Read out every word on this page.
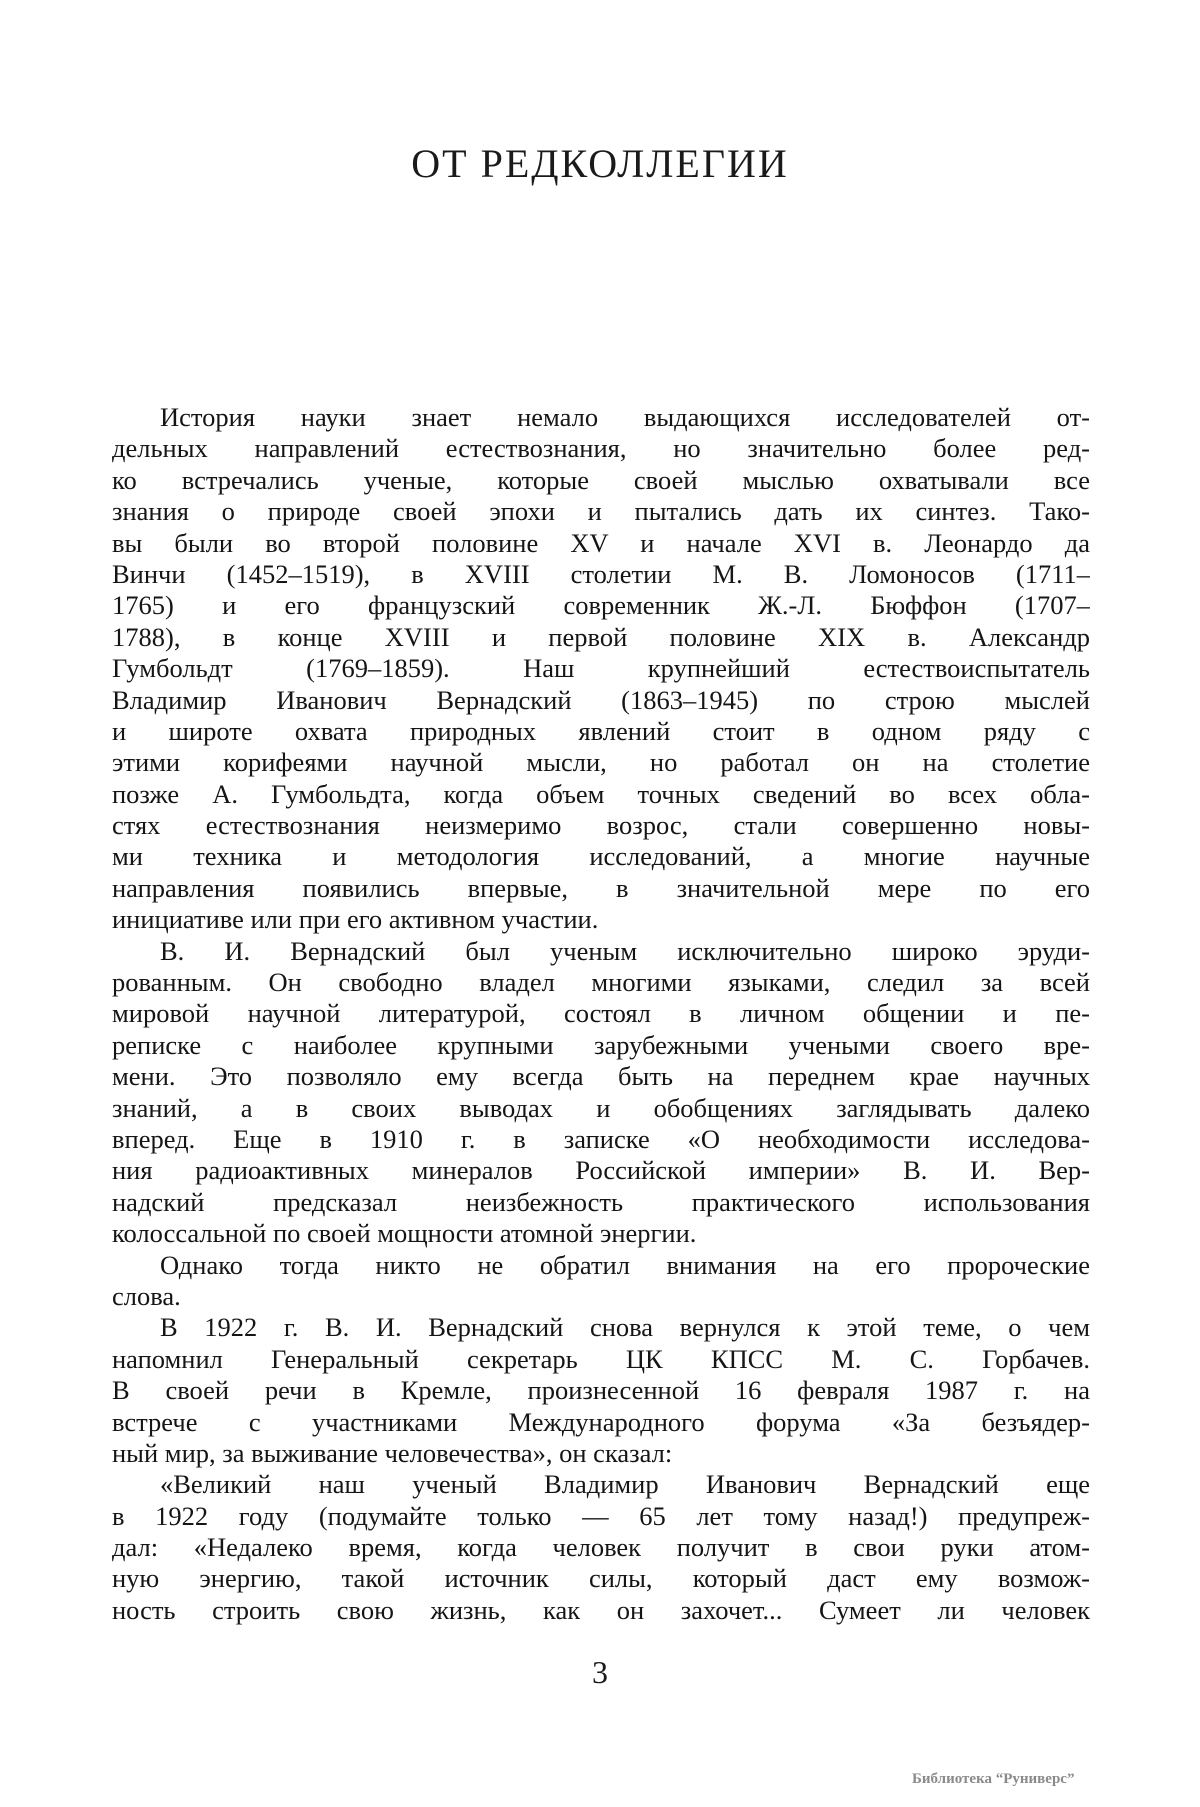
ОТ РЕДКОЛЛЕГИИ
История науки знает немало выдающихся исследователей от-
дельных направлений естествознания, но значительно более ред-
ко встречались ученые, которые своей мыслью охватывали все
знания о природе своей эпохи и пытались дать их синтез. Тако-
вы были во второй половине XV и начале XVI в. Леонардо да
Винчи (1452–1519), в XVIII столетии М. В. Ломоносов (1711–
1765) и его французский современник Ж.-Л. Бюффон (1707–
1788), в конце XVIII и первой половине XIX в. Александр
Гумбольдт (1769–1859). Наш крупнейший естествоиспытатель
Владимир Иванович Вернадский (1863–1945) по строю мыслей
и широте охвата природных явлений стоит в одном ряду с
этими корифеями научной мысли, но работал он на столетие
позже А. Гумбольдта, когда объем точных сведений во всех обла-
стях естествознания неизмеримо возрос, стали совершенно новы-
ми техника и методология исследований, а многие научные
направления появились впервые, в значительной мере по его
инициативе или при его активном участии.
В. И. Вернадский был ученым исключительно широко эруди-
рованным. Он свободно владел многими языками, следил за всей
мировой научной литературой, состоял в личном общении и пе-
реписке с наиболее крупными зарубежными учеными своего вре-
мени. Это позволяло ему всегда быть на переднем крае научных
знаний, а в своих выводах и обобщениях заглядывать далеко
вперед. Еще в 1910 г. в записке «О необходимости исследова-
ния радиоактивных минералов Российской империи» В. И. Вер-
надский предсказал неизбежность практического использования
колоссальной по своей мощности атомной энергии.
Однако тогда никто не обратил внимания на его пророческие
слова.
В 1922 г. В. И. Вернадский снова вернулся к этой теме, о чем
напомнил Генеральный секретарь ЦК КПСС М. С. Горбачев.
В своей речи в Кремле, произнесенной 16 февраля 1987 г. на
встрече с участниками Международного форума «За безъядер-
ный мир, за выживание человечества», он сказал:
«Великий наш ученый Владимир Иванович Вернадский еще
в 1922 году (подумайте только — 65 лет тому назад!) предупреж-
дал: «Недалеко время, когда человек получит в свои руки атом-
ную энергию, такой источник силы, который даст ему возмож-
ность строить свою жизнь, как он захочет... Сумеет ли человек
3
Библиотека “Руниверс”
